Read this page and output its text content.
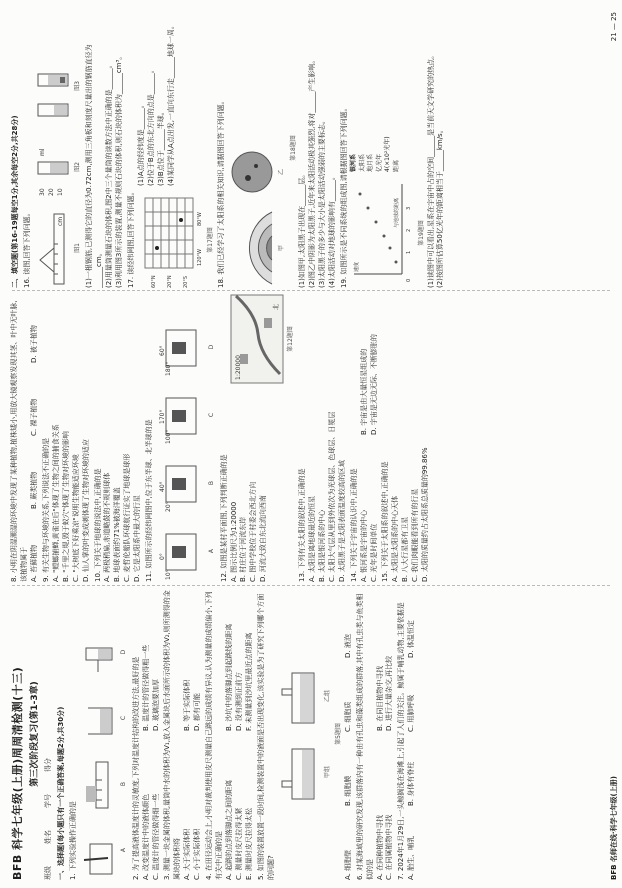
BFB 科学七年级(上册)周周清检测(十三) 第三次阶段复习(第1-3章)
班级
姓名
学号
得分 一、选择题(每小题只有一个正确答案,每题2分,共30分) 1. 下列实验操作正确的是	A
B
C
D
2. 为了提高液体温度计的灵敏度,下列对温度计结构的改进方法,最好的是 A. 改变温度计中的液体颜色
B. 温度计的管径做得粗一些
C. 温度计的管径做得细一些
D. 玻璃泡要加厚 3. 测量一块金属的体积,量筒中水的体积为V₁,放入金属块后水面所示的体积为V₂,则所测得的金属块的体积将 A. 大于实际体积
B. 等于实际体积
C. 小于实际体积
D. 都有可能 4. 在田径运动会上,小明对裁判使用皮尺测量自己跳远的成绩有异议,认为测量的成绩偏小,下列有关中正确的是 A. 起跳的点到落脚点之间的距离
B. 沙坑中的落脚点到起跳线的距离
C. 测量时皮尺拉得太紧
D. 没有测到正前方
E. 测量时皮尺拉得太松
F. 未测量到沙坑里最近点的距离 5. 如图的装置放置一段时间,检测装置中的液面是否出现变化,该实验是为了研究下列哪个方面的问题?
甲组
乙组
第5题图
A. 细胞壁
B. 细胞膜
C. 细胞质
D. 液泡 6. 对某海域里的研究发现,该群落内有一种由有孔虫和藻类组成的群落,其中有孔虫类与鱼类相似的是 A. 在同种植物中寻找
B. 在同目植物中寻找
C. 在同属植物中寻找
D. 进行大量杂交,再比较 7. 2024年1月29日,一头鲸搁浅在海滩上,引起了人们的关注。鲸属于哺乳动物,主要依据是 A. 胎生、哺乳
B. 身体有脊柱
C. 用肺呼吸
D. 体温恒定
8. 小明在阴湿潮湿的环境中发现了某种植物,植株矮小,用放大镜观察发现其茎、叶中无叶脉,该植物属于 A. 苔藓植物
B. 蕨类植物
C. 裸子植物
D. 被子植物
9. 有关生物与环境的关系,下列说法不正确的是 A. "螳螂捕蝉,黄雀在后"体现了生物之间的捕食关系 B. "千里之堤,毁于蚁穴"体现了生物对环境的影响 C. "大树底下好乘凉"说明生物能适应环境 D. 仙人掌的叶变成刺体现了生物对环境的适应 10. 下列关于地球的说法中,正确的是 A. 两极稍扁,赤道略鼓的不规则球体 B. 地球表面约71%被海洋覆盖 C. 麦哲伦船队环球航行证实了地球是球形 D. 它是太阳系中最大的行星 11. 如图所示的经纬网图中,位于东半球、北半球的是	10°
0°
A
20°
40°	B
100°
170°	C
180°
60°	D
12. 如图是某村平面图,下列判断正确的是 A. 图示比例尺为1:20000 B. 村庄位于河流东岸 C. 图中学校位于村委会西北方向 D. 河流大致自东北流向西南
1:20000
北
第12题图
13. 下列有关太阳的叙述中,正确的是 A. 太阳是离地球最近的恒星 B. 太阳是银河系的中心 C. 太阳大气层从里到外依次为光球层、色球层、日冕层 D. 太阳黑子是太阳表面温度较高的区域 14. 下列关于宇宙的认识中,正确的是 A. 银河系是宇宙的中心
B. 宇宙是由大量恒星组成的
C. 光年是时间单位
D. 宇宙是无边无际、不断膨胀的
15. 下列关于太阳系的叙述中,正确的是 A. 太阳是太阳系的中心天体 B. 八大行星都有卫星 C. 我们肉眼能看到所有的行星 D. 太阳的质量约占太阳系总质量的99.86%
二、填空题(第16-19题每空1分,其余每空2分,共28分) 16. 读图,回答下列问题。	cm
图1
30 20 10
ml
图2
图3 (1)一根钢筋,已测得它的直径为0.72cm,测用三角板和刻度尺量出的钢筋直径为______cm。 (2)用量筒测量石块的体积,图2中三个量筒的读数方法中正确的是______。 (3)利用图3所示的装置,测量不规则石块的体积,则石块的体积为______cm³。 17. 读经纬网图,回答下列问题。	60°N 20°N 20°S
120°W
80°W
第17题图
(1)A点的经纬度是______。 (2)位于B点的东北方向的点是______。 (3)B点位于______半球。 (4)某同学从A点出发,一直向东行走______地球一周。	18. 我们已经学习了太阳系的相关知识,请据图回答下列问题。	甲
乙
第18题图
(1)如图甲,太阳黑子出现在______层。 (2)图乙中阴影为太阳黑子,近年来太阳活动极其强烈,将对______产生影响。 (3)太阳黑子的多少与大小是太阳活动强弱的主要标志。 (4)太阳活动对地球的影响有______。 19. 如图所示是不同系统的组成图,请根据图回答下列问题。	0
1
2
3
与地球的距离
速度
第19题图
银河系 太阳系 地月系 亿光年 4(×10²光年) 距离	(1)读图中可以看出,星系在宇宙中占的空间______是当前天文学研究的热点。 (2)按图所估算50亿光年的距离相当于______km/s。
BFB 名师在线·科学七年级(上册)
21 — 25
